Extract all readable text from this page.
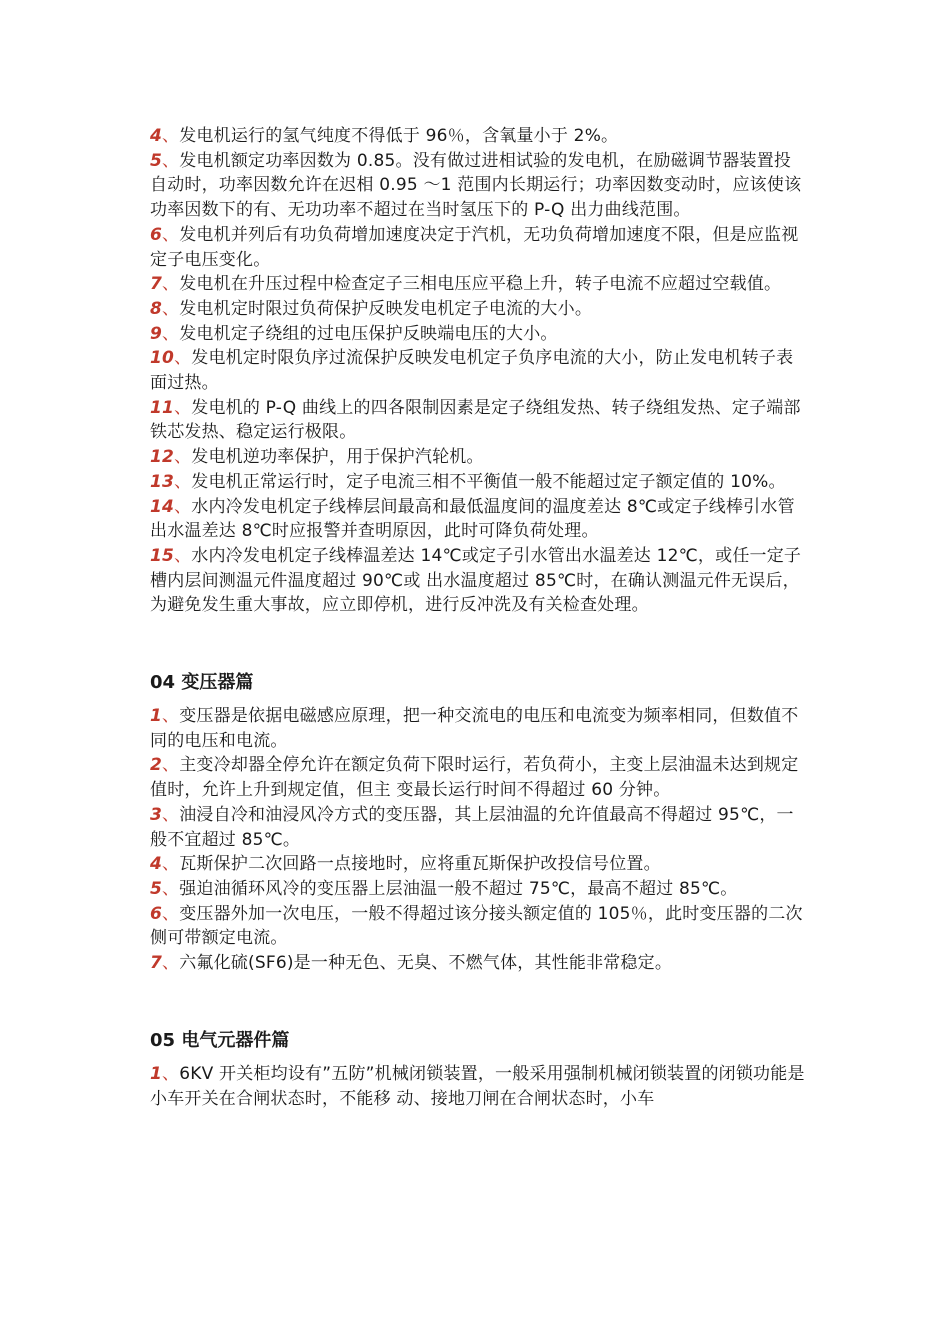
4、发电机运行的氢气纯度不得低于 96％，含氧量小于 2%。

5、发电机额定功率因数为 0.85。没有做过进相试验的发电机，在励磁调节器装置投自动时，功率因数允许在迟相 0.95 ～1 范围内长期运行；功率因数变动时，应该使该功率因数下的有、无功功率不超过在当时氢压下的 P-Q 出力曲线范围。

6、发电机并列后有功负荷增加速度决定于汽机，无功负荷增加速度不限，但是应监视定子电压变化。

7、发电机在升压过程中检查定子三相电压应平稳上升，转子电流不应超过空载值。

8、发电机定时限过负荷保护反映发电机定子电流的大小。

9、发电机定子绕组的过电压保护反映端电压的大小。

10、发电机定时限负序过流保护反映发电机定子负序电流的大小，防止发电机转子表面过热。

11、发电机的 P-Q 曲线上的四各限制因素是定子绕组发热、转子绕组发热、定子端部铁芯发热、稳定运行极限。

12、发电机逆功率保护，用于保护汽轮机。

13、发电机正常运行时，定子电流三相不平衡值一般不能超过定子额定值的 10%。

14、水内冷发电机定子线棒层间最高和最低温度间的温度差达 8℃或定子线棒引水管出水温差达 8℃时应报警并查明原因，此时可降负荷处理。

15、水内冷发电机定子线棒温差达 14℃或定子引水管出水温差达 12℃，或任一定子槽内层间测温元件温度超过 90℃或 出水温度超过 85℃时，在确认测温元件无误后，为避免发生重大事故，应立即停机，进行反冲洗及有关检查处理。

04 变压器篇

1、变压器是依据电磁感应原理，把一种交流电的电压和电流变为频率相同，但数值不同的电压和电流。

2、主变冷却器全停允许在额定负荷下限时运行，若负荷小，主变上层油温未达到规定值时，允许上升到规定值，但主 变最长运行时间不得超过 60 分钟。

3、油浸自冷和油浸风冷方式的变压器，其上层油温的允许值最高不得超过 95℃，一般不宜超过 85℃。

4、瓦斯保护二次回路一点接地时，应将重瓦斯保护改投信号位置。

5、强迫油循环风冷的变压器上层油温一般不超过 75℃，最高不超过 85℃。

6、变压器外加一次电压，一般不得超过该分接头额定值的 105％，此时变压器的二次侧可带额定电流。

7、六氟化硫(SF6)是一种无色、无臭、不燃气体，其性能非常稳定。

05 电气元器件篇

1、6KV 开关柜均设有”五防”机械闭锁装置，一般采用强制机械闭锁装置的闭锁功能是小车开关在合闸状态时，不能移 动、接地刀闸在合闸状态时，小车
